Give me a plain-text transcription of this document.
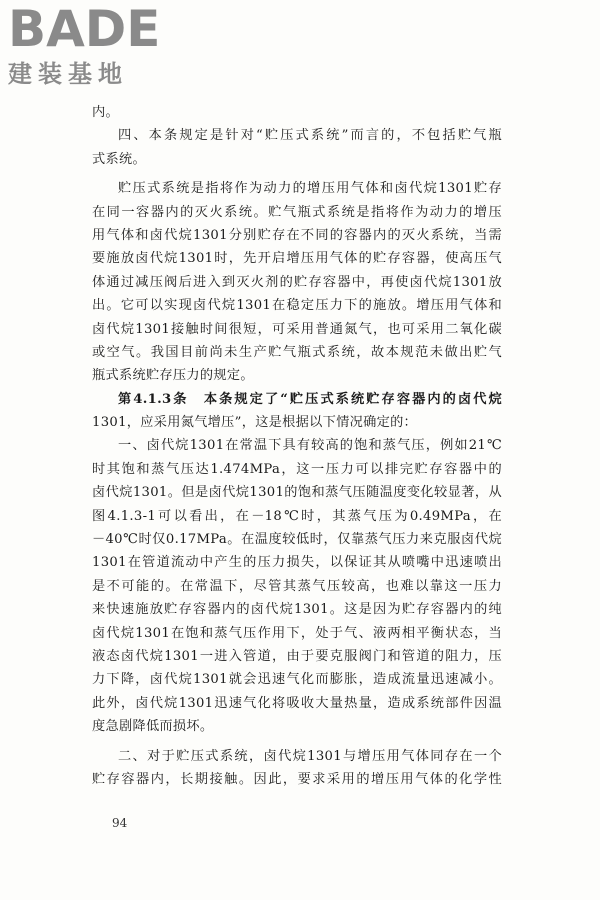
BADE
建装基地
内。
四、本条规定是针对“贮压式系统”而言的，不包括贮气瓶
式系统。
贮压式系统是指将作为动力的增压用气体和卤代烷1301贮存
在同一容器内的灭火系统。贮气瓶式系统是指将作为动力的增压
用气体和卤代烷1301分别贮存在不同的容器内的灭火系统，当需
要施放卤代烷1301时，先开启增压用气体的贮存容器，使高压气
体通过减压阀后进入到灭火剂的贮存容器中，再使卤代烷1301放
出。它可以实现卤代烷1301在稳定压力下的施放。增压用气体和
卤代烷1301接触时间很短，可采用普通氮气，也可采用二氧化碳
或空气。我国目前尚未生产贮气瓶式系统，故本规范未做出贮气
瓶式系统贮存压力的规定。
第4.1.3条　本条规定了“贮压式系统贮存容器内的卤代烷
1301，应采用氮气增压”，这是根据以下情况确定的：
一、卤代烷1301在常温下具有较高的饱和蒸气压，例如21℃
时其饱和蒸气压达1.474MPa，这一压力可以排完贮存容器中的
卤代烷1301。但是卤代烷1301的饱和蒸气压随温度变化较显著，从
图4.1.3-1可以看出，在－18℃时，其蒸气压为0.49MPa，在
－40℃时仅0.17MPa。在温度较低时，仅靠蒸气压力来克服卤代烷
1301在管道流动中产生的压力损失，以保证其从喷嘴中迅速喷出
是不可能的。在常温下，尽管其蒸气压较高，也难以靠这一压力
来快速施放贮存容器内的卤代烷1301。这是因为贮存容器内的纯
卤代烷1301在饱和蒸气压作用下，处于气、液两相平衡状态，当
液态卤代烷1301一进入管道，由于要克服阀门和管道的阻力，压
力下降，卤代烷1301就会迅速气化而膨胀，造成流量迅速减小。
此外，卤代烷1301迅速气化将吸收大量热量，造成系统部件因温
度急剧降低而损坏。
二、对于贮压式系统，卤代烷1301与增压用气体同存在一个
贮存容器内，长期接触。因此，要求采用的增压用气体的化学性
94
